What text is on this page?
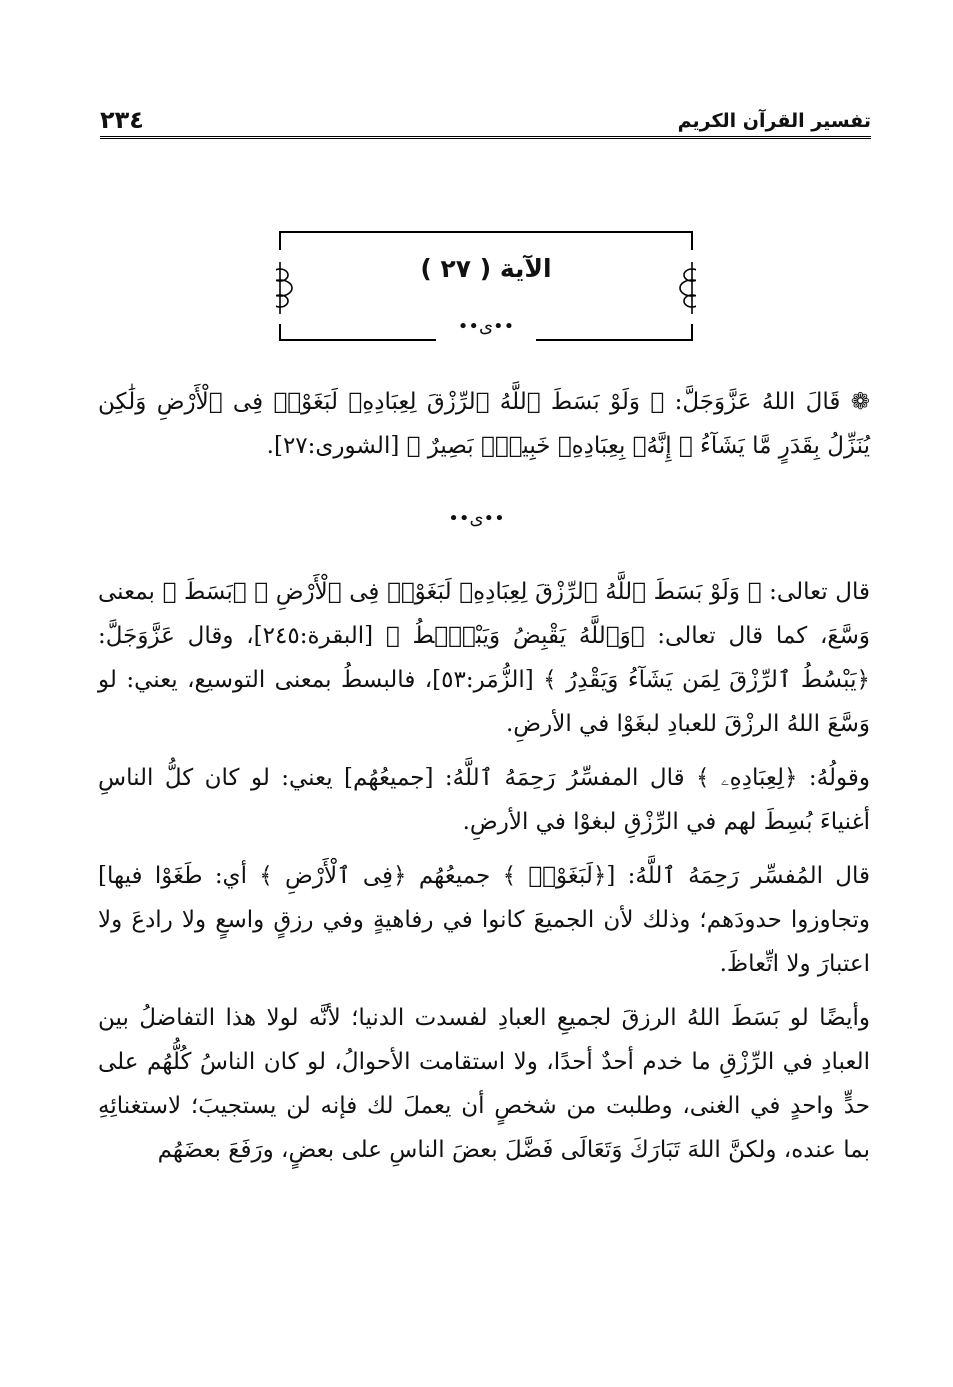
تفسير القرآن الكريم
٢٣٤
الآية ( ٢٧ )
••ﻯ••

❁ قَالَ اللهُ عَزَّوَجَلَّ: ﴿ وَلَوْ بَسَطَ ٱللَّهُ ٱلرِّزْقَ لِعِبَادِهِۦ لَبَغَوْا۟ فِى ٱلْأَرْضِ وَلَٰكِن يُنَزِّلُ بِقَدَرٍ مَّا يَشَآءُ ۚ إِنَّهُۥ بِعِبَادِهِۦ خَبِيرٌۢ بَصِيرٌ ﴾ [الشورى:٢٧].

••ﻯ••

قال تعالى: ﴿ وَلَوْ بَسَطَ ٱللَّهُ ٱلرِّزْقَ لِعِبَادِهِۦ لَبَغَوْا۟ فِى ٱلْأَرْضِ ﴾ ﴿بَسَطَ ﴾ بمعنى وَسَّعَ، كما قال تعالى: ﴿وَٱللَّهُ يَقْبِضُ وَيَبْصُۜطُ ﴾ [البقرة:٢٤٥]، وقال عَزَّوَجَلَّ: ﴿يَبْسُطُ ٱلرِّزْقَ لِمَن يَشَآءُ وَيَقْدِرُ ﴾ [الزُّمَر:٥٣]، فالبسطُ بمعنى التوسيع، يعني: لو وَسَّعَ اللهُ الرزْقَ للعبادِ لبغَوْا في الأرضِ.

وقولُهُ: ﴿لِعِبَادِهِۦ ﴾ قال المفسِّرُ رَحِمَهُ ٱللَّهُ: [جميعُهُم] يعني: لو كان كلُّ الناسِ أغنياءَ بُسِطَ لهم في الرِّزْقِ لبغوْا في الأرضِ.

قال المُفسِّر رَحِمَهُ ٱللَّهُ: [﴿لَبَغَوْا۟ ﴾ جميعُهُم ﴿فِى ٱلْأَرْضِ ﴾ أي: طَغَوْا فيها] وتجاوزوا حدودَهم؛ وذلك لأن الجميعَ كانوا في رفاهيةٍ وفي رزقٍ واسعٍ ولا رادعَ ولا اعتبارَ ولا اتِّعاظَ.

وأيضًا لو بَسَطَ اللهُ الرزقَ لجميعِ العبادِ لفسدت الدنيا؛ لأنَّه لولا هذا التفاضلُ بين العبادِ في الرِّزْقِ ما خدم أحدٌ أحدًا، ولا استقامت الأحوالُ، لو كان الناسُ كُلُّهُم على حدٍّ واحدٍ في الغنى، وطلبت من شخصٍ أن يعملَ لك فإنه لن يستجيبَ؛ لاستغنائِهِ بما عنده، ولكنَّ اللهَ تَبَارَكَ وَتَعَالَى فَضَّلَ بعضَ الناسِ على بعضٍ، ورَفَعَ بعضَهُم
